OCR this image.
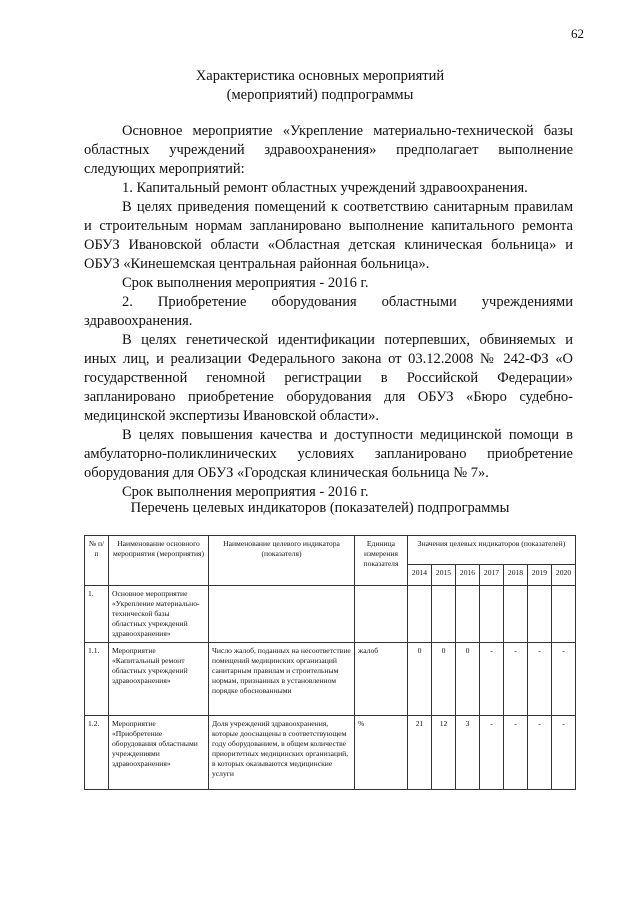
62
Характеристика основных мероприятий
(мероприятий) подпрограммы

Основное мероприятие «Укрепление материально-технической базы областных учреждений здравоохранения» предполагает выполнение следующих мероприятий:

1. Капитальный ремонт областных учреждений здравоохранения.

В целях приведения помещений к соответствию санитарным правилам и строительным нормам запланировано выполнение капитального ремонта ОБУЗ Ивановской области «Областная детская клиническая больница» и ОБУЗ «Кинешемская центральная районная больница».

Срок выполнения мероприятия - 2016 г.

2. Приобретение оборудования областными учреждениями здравоохранения.

В целях генетической идентификации потерпевших, обвиняемых и иных лиц, и реализации Федерального закона от 03.12.2008 № 242-ФЗ «О государственной геномной регистрации в Российской Федерации» запланировано приобретение оборудования для ОБУЗ «Бюро судебно-медицинской экспертизы Ивановской области».

В целях повышения качества и доступности медицинской помощи в амбулаторно-поликлинических условиях запланировано приобретение оборудования для ОБУЗ «Городская клиническая больница № 7».

Срок выполнения мероприятия - 2016 г.

Перечень целевых индикаторов (показателей) подпрограммы
№ п/п	Наименование основного мероприятия (мероприятия)	Наименование целевого индикатора (показателя)	Единица измерения показателя	Значения целевых индикаторов (показателей)						
				2014	2015	2016	2017	2018	2019	2020
1.	Основное мероприятие «Укрепление материально-технической базы областных учреждений здравоохранения»									
1.1.	Мероприятие «Капитальный ремонт областных учреждений здравоохранения»	Число жалоб, поданных на несоответствие помещений медицинских организаций санитарным правилам и строительным нормам, признанных в установленном порядке обоснованными	жалоб	0	0	0	-	-	-	-
1.2.	Мероприятие «Приобретение оборудования областными учреждениями здравоохранения»	Доля учреждений здравоохранения, которые дооснащены в соответствующем году оборудованием, в общем количестве приоритетных медицинских организаций, в которых оказываются медицинские услуги	%	21	12	3	-	-	-	-
